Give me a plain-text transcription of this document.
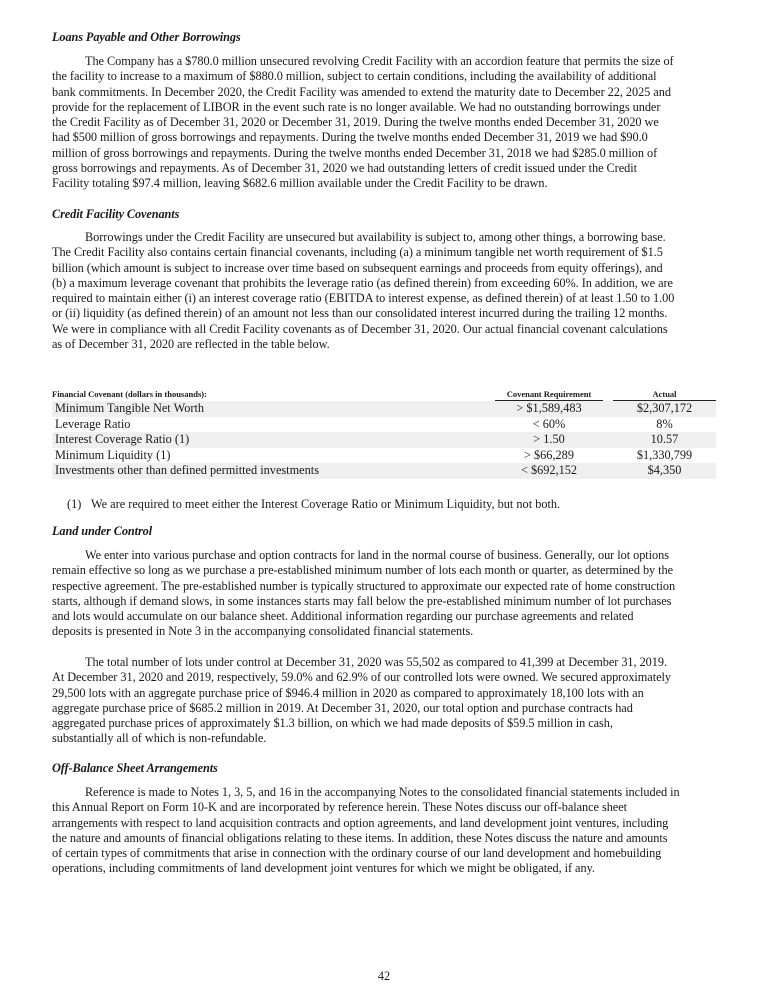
Loans Payable and Other Borrowings
The Company has a $780.0 million unsecured revolving Credit Facility with an accordion feature that permits the size of
the facility to increase to a maximum of $880.0 million, subject to certain conditions, including the availability of additional
bank commitments. In December 2020, the Credit Facility was amended to extend the maturity date to December 22, 2025 and
provide for the replacement of LIBOR in the event such rate is no longer available. We had no outstanding borrowings under
the Credit Facility as of December 31, 2020 or December 31, 2019. During the twelve months ended December 31, 2020 we
had $500 million of gross borrowings and repayments. During the twelve months ended December 31, 2019 we had $90.0
million of gross borrowings and repayments. During the twelve months ended December 31, 2018 we had $285.0 million of
gross borrowings and repayments. As of December 31, 2020 we had outstanding letters of credit issued under the Credit
Facility totaling $97.4 million, leaving $682.6 million available under the Credit Facility to be drawn.
Credit Facility Covenants
Borrowings under the Credit Facility are unsecured but availability is subject to, among other things, a borrowing base.
The Credit Facility also contains certain financial covenants, including (a) a minimum tangible net worth requirement of $1.5
billion (which amount is subject to increase over time based on subsequent earnings and proceeds from equity offerings), and
(b) a maximum leverage covenant that prohibits the leverage ratio (as defined therein) from exceeding 60%. In addition, we are
required to maintain either (i) an interest coverage ratio (EBITDA to interest expense, as defined therein) of at least 1.50 to 1.00
or (ii) liquidity (as defined therein) of an amount not less than our consolidated interest incurred during the trailing 12 months.
We were in compliance with all Credit Facility covenants as of December 31, 2020. Our actual financial covenant calculations
as of December 31, 2020 are reflected in the table below.
Financial Covenant (dollars in thousands):	Covenant Requirement	Actual
Minimum Tangible Net Worth	> $1,589,483	$2,307,172
Leverage Ratio	< 60%	8%
Interest Coverage Ratio (1)	> 1.50	10.57
Minimum Liquidity (1)	> $66,289	$1,330,799
Investments other than defined permitted investments	< $692,152	$4,350
(1) We are required to meet either the Interest Coverage Ratio or Minimum Liquidity, but not both.
Land under Control
We enter into various purchase and option contracts for land in the normal course of business. Generally, our lot options
remain effective so long as we purchase a pre-established minimum number of lots each month or quarter, as determined by the
respective agreement. The pre-established number is typically structured to approximate our expected rate of home construction
starts, although if demand slows, in some instances starts may fall below the pre-established minimum number of lot purchases
and lots would accumulate on our balance sheet. Additional information regarding our purchase agreements and related
deposits is presented in Note 3 in the accompanying consolidated financial statements.
The total number of lots under control at December 31, 2020 was 55,502 as compared to 41,399 at December 31, 2019.
At December 31, 2020 and 2019, respectively, 59.0% and 62.9% of our controlled lots were owned. We secured approximately
29,500 lots with an aggregate purchase price of $946.4 million in 2020 as compared to approximately 18,100 lots with an
aggregate purchase price of $685.2 million in 2019. At December 31, 2020, our total option and purchase contracts had
aggregated purchase prices of approximately $1.3 billion, on which we had made deposits of $59.5 million in cash,
substantially all of which is non-refundable.
Off-Balance Sheet Arrangements
Reference is made to Notes 1, 3, 5, and 16 in the accompanying Notes to the consolidated financial statements included in
this Annual Report on Form 10-K and are incorporated by reference herein. These Notes discuss our off-balance sheet
arrangements with respect to land acquisition contracts and option agreements, and land development joint ventures, including
the nature and amounts of financial obligations relating to these items. In addition, these Notes discuss the nature and amounts
of certain types of commitments that arise in connection with the ordinary course of our land development and homebuilding
operations, including commitments of land development joint ventures for which we might be obligated, if any.
42
